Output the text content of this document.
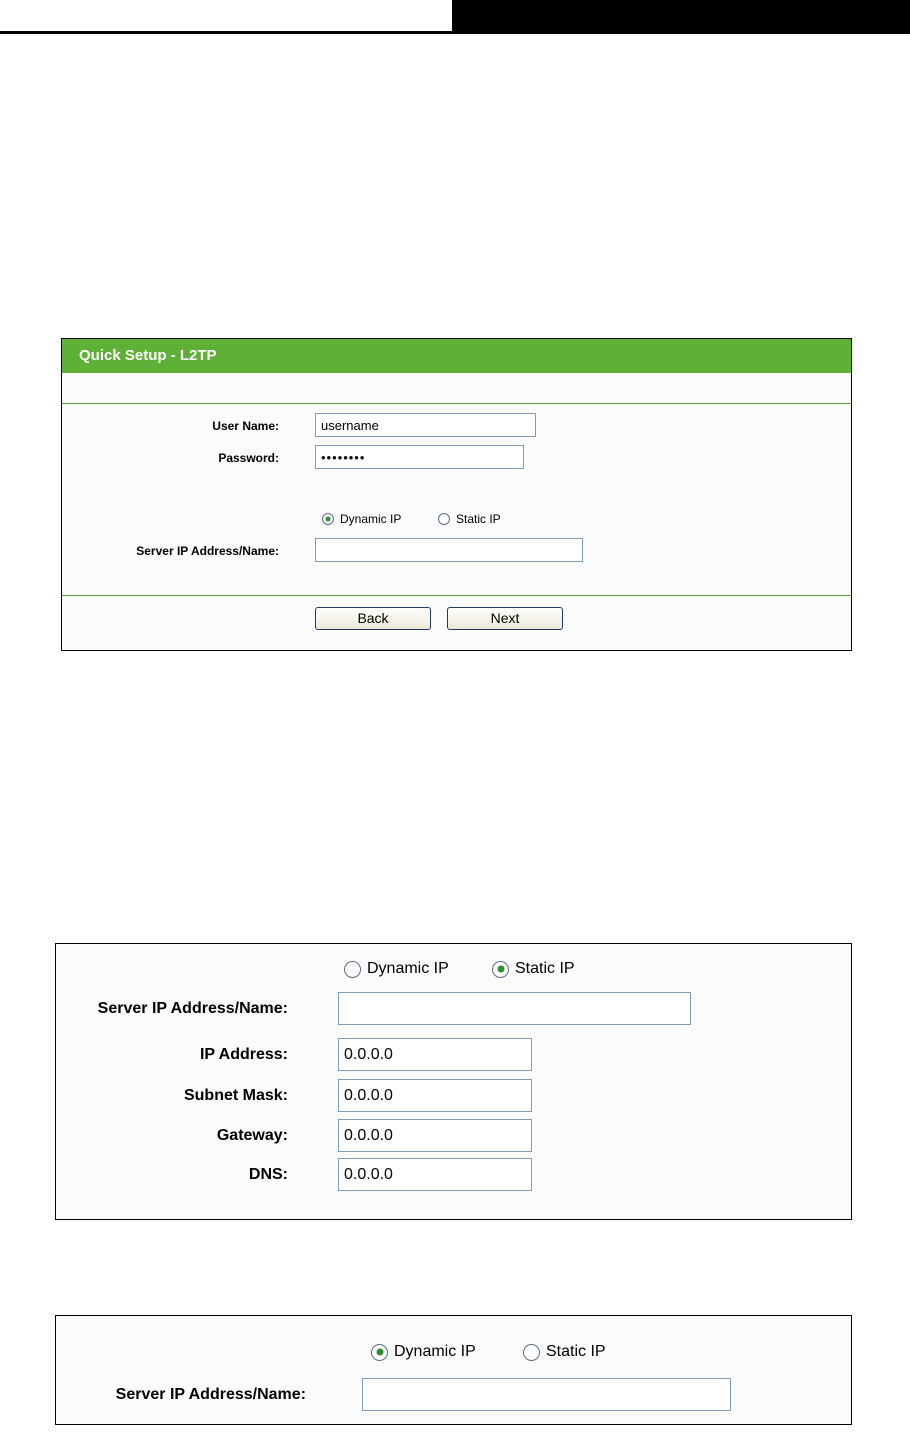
Quick Setup - L2TP
User Name:
username
Password:
••••••••
Dynamic IP	Static IP
Server IP Address/Name:
Back	Next
Dynamic IP	Static IP
Server IP Address/Name:
IP Address:
0.0.0.0
Subnet Mask:
0.0.0.0
Gateway:
0.0.0.0
DNS:
0.0.0.0
Dynamic IP	Static IP
Server IP Address/Name:
